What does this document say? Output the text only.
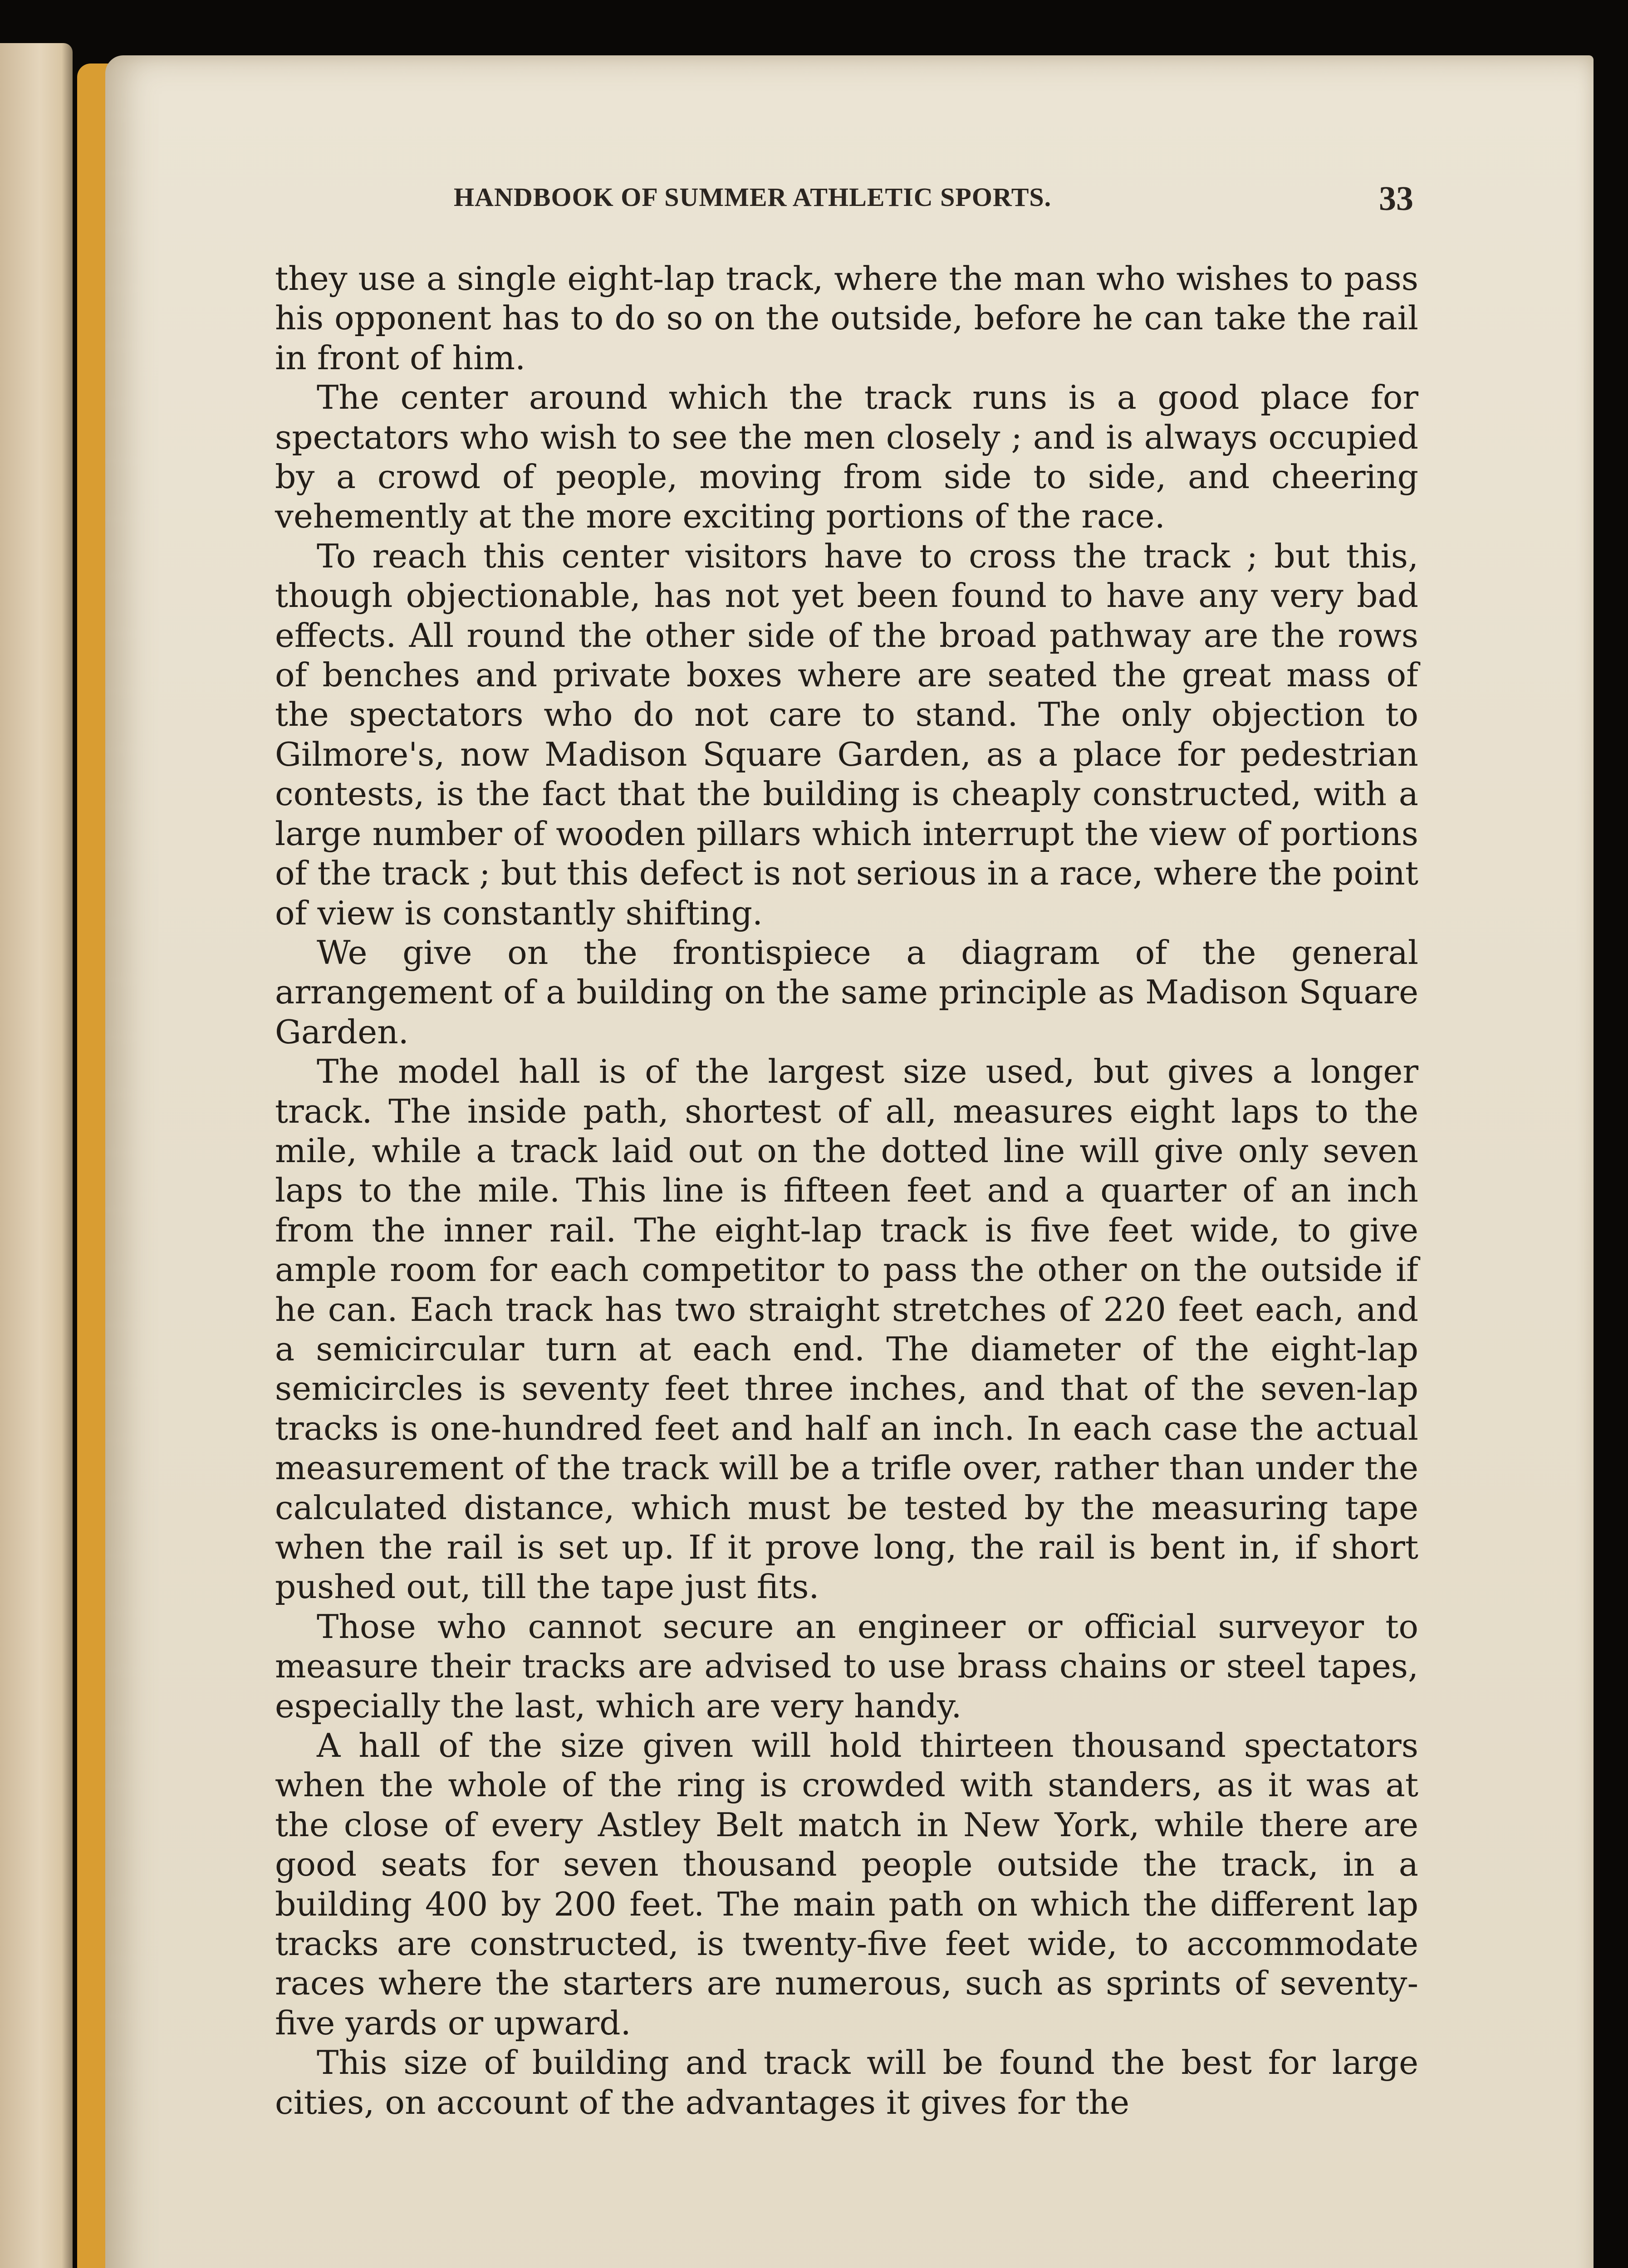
HANDBOOK OF SUMMER ATHLETIC SPORTS.	33

they use a single eight-lap track, where the man who wishes to pass his opponent has to do so on the outside, before he can take the rail in front of him.

The center around which the track runs is a good place for spectators who wish to see the men closely ; and is always occupied by a crowd of people, moving from side to side, and cheering vehemently at the more exciting portions of the race.

To reach this center visitors have to cross the track ; but this, though objectionable, has not yet been found to have any very bad effects. All round the other side of the broad pathway are the rows of benches and private boxes where are seated the great mass of the spectators who do not care to stand. The only objection to Gilmore's, now Madison Square Garden, as a place for pedestrian contests, is the fact that the building is cheaply constructed, with a large number of wooden pillars which interrupt the view of portions of the track ; but this defect is not serious in a race, where the point of view is constantly shifting.

We give on the frontispiece a diagram of the general arrangement of a building on the same principle as Madison Square Garden.

The model hall is of the largest size used, but gives a longer track. The inside path, shortest of all, measures eight laps to the mile, while a track laid out on the dotted line will give only seven laps to the mile. This line is fifteen feet and a quarter of an inch from the inner rail. The eight-lap track is five feet wide, to give ample room for each competitor to pass the other on the outside if he can. Each track has two straight stretches of 220 feet each, and a semicircular turn at each end. The diameter of the eight-lap semicircles is seventy feet three inches, and that of the seven-lap tracks is one-hundred feet and half an inch. In each case the actual measurement of the track will be a trifle over, rather than under the calculated distance, which must be tested by the measuring tape when the rail is set up. If it prove long, the rail is bent in, if short pushed out, till the tape just fits.

Those who cannot secure an engineer or official surveyor to measure their tracks are advised to use brass chains or steel tapes, especially the last, which are very handy.

A hall of the size given will hold thirteen thousand spectators when the whole of the ring is crowded with standers, as it was at the close of every Astley Belt match in New York, while there are good seats for seven thousand people outside the track, in a building 400 by 200 feet. The main path on which the different lap tracks are constructed, is twenty-five feet wide, to accommodate races where the starters are numerous, such as sprints of seventy-five yards or upward.

This size of building and track will be found the best for large cities, on account of the advantages it gives for the
